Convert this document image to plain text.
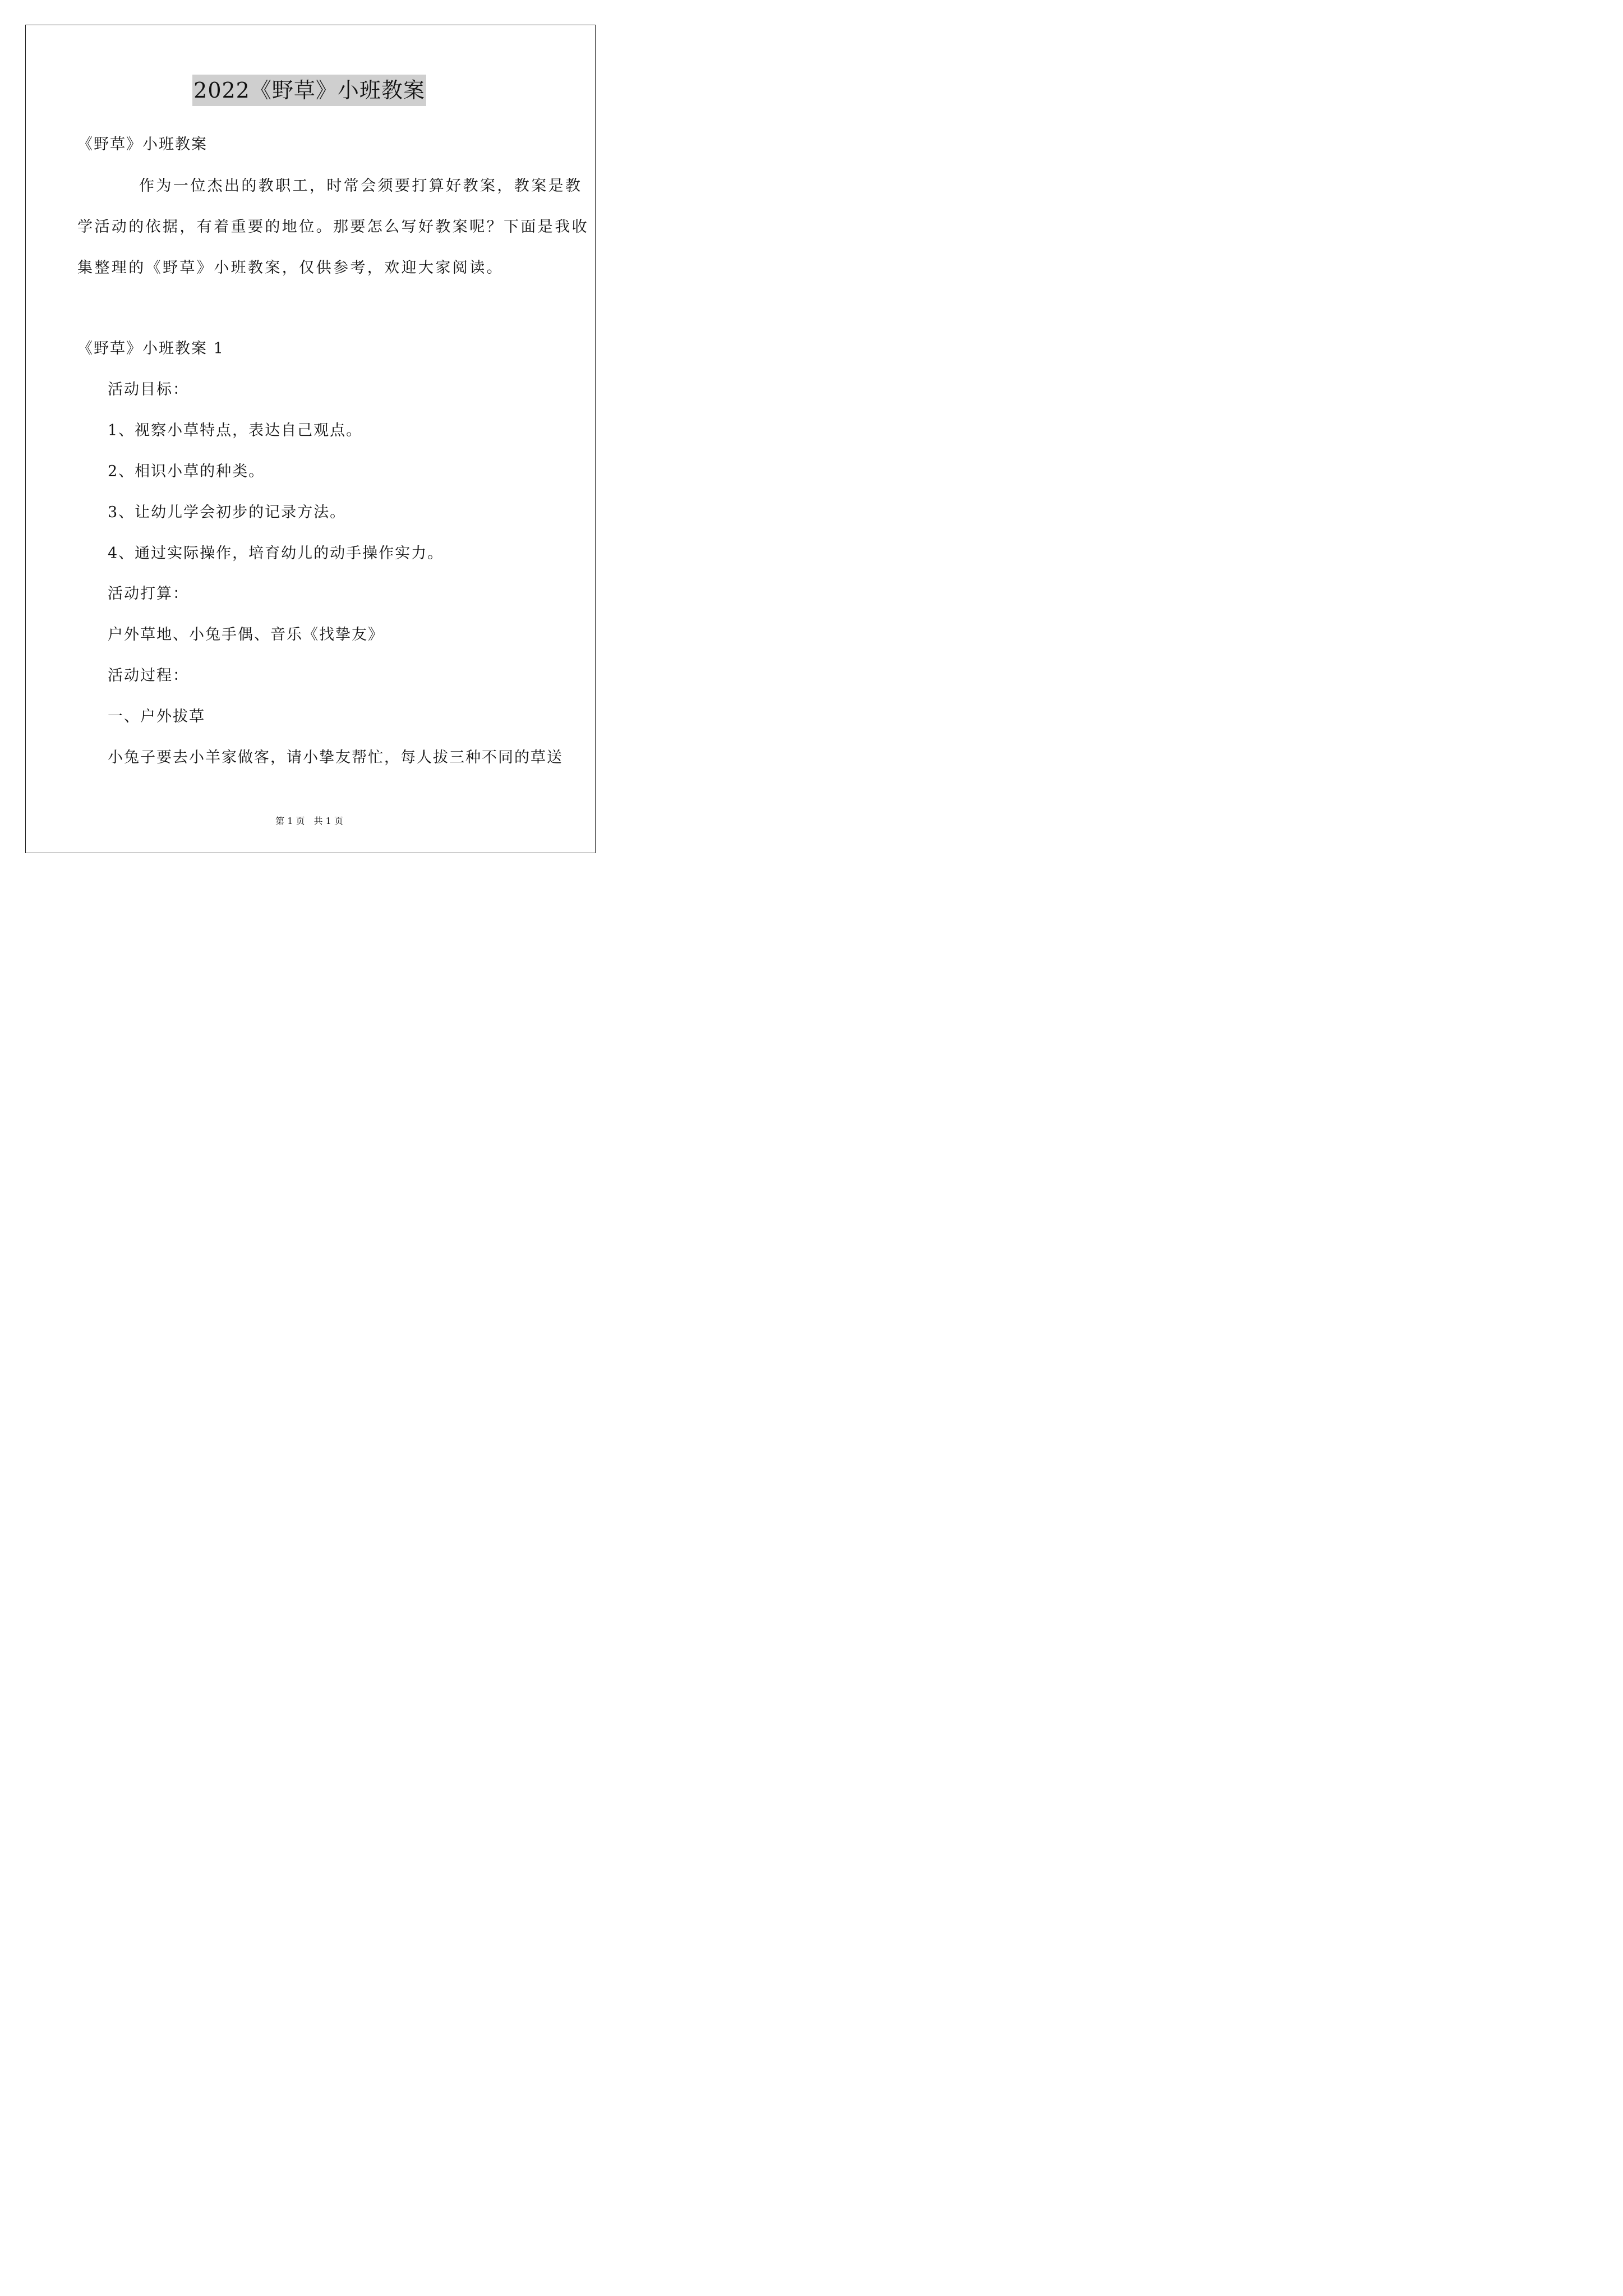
2022《野草》小班教案
《野草》小班教案
作为一位杰出的教职工，时常会须要打算好教案，教案是教
学活动的依据，有着重要的地位。那要怎么写好教案呢？下面是我收
集整理的《野草》小班教案，仅供参考，欢迎大家阅读。
《野草》小班教案 1
活动目标：
1、视察小草特点，表达自己观点。
2、相识小草的种类。
3、让幼儿学会初步的记录方法。
4、通过实际操作，培育幼儿的动手操作实力。
活动打算：
户外草地、小兔手偶、音乐《找挚友》
活动过程：
一、户外拔草
小兔子要去小羊家做客，请小挚友帮忙，每人拔三种不同的草送
第 1 页 共 1 页
